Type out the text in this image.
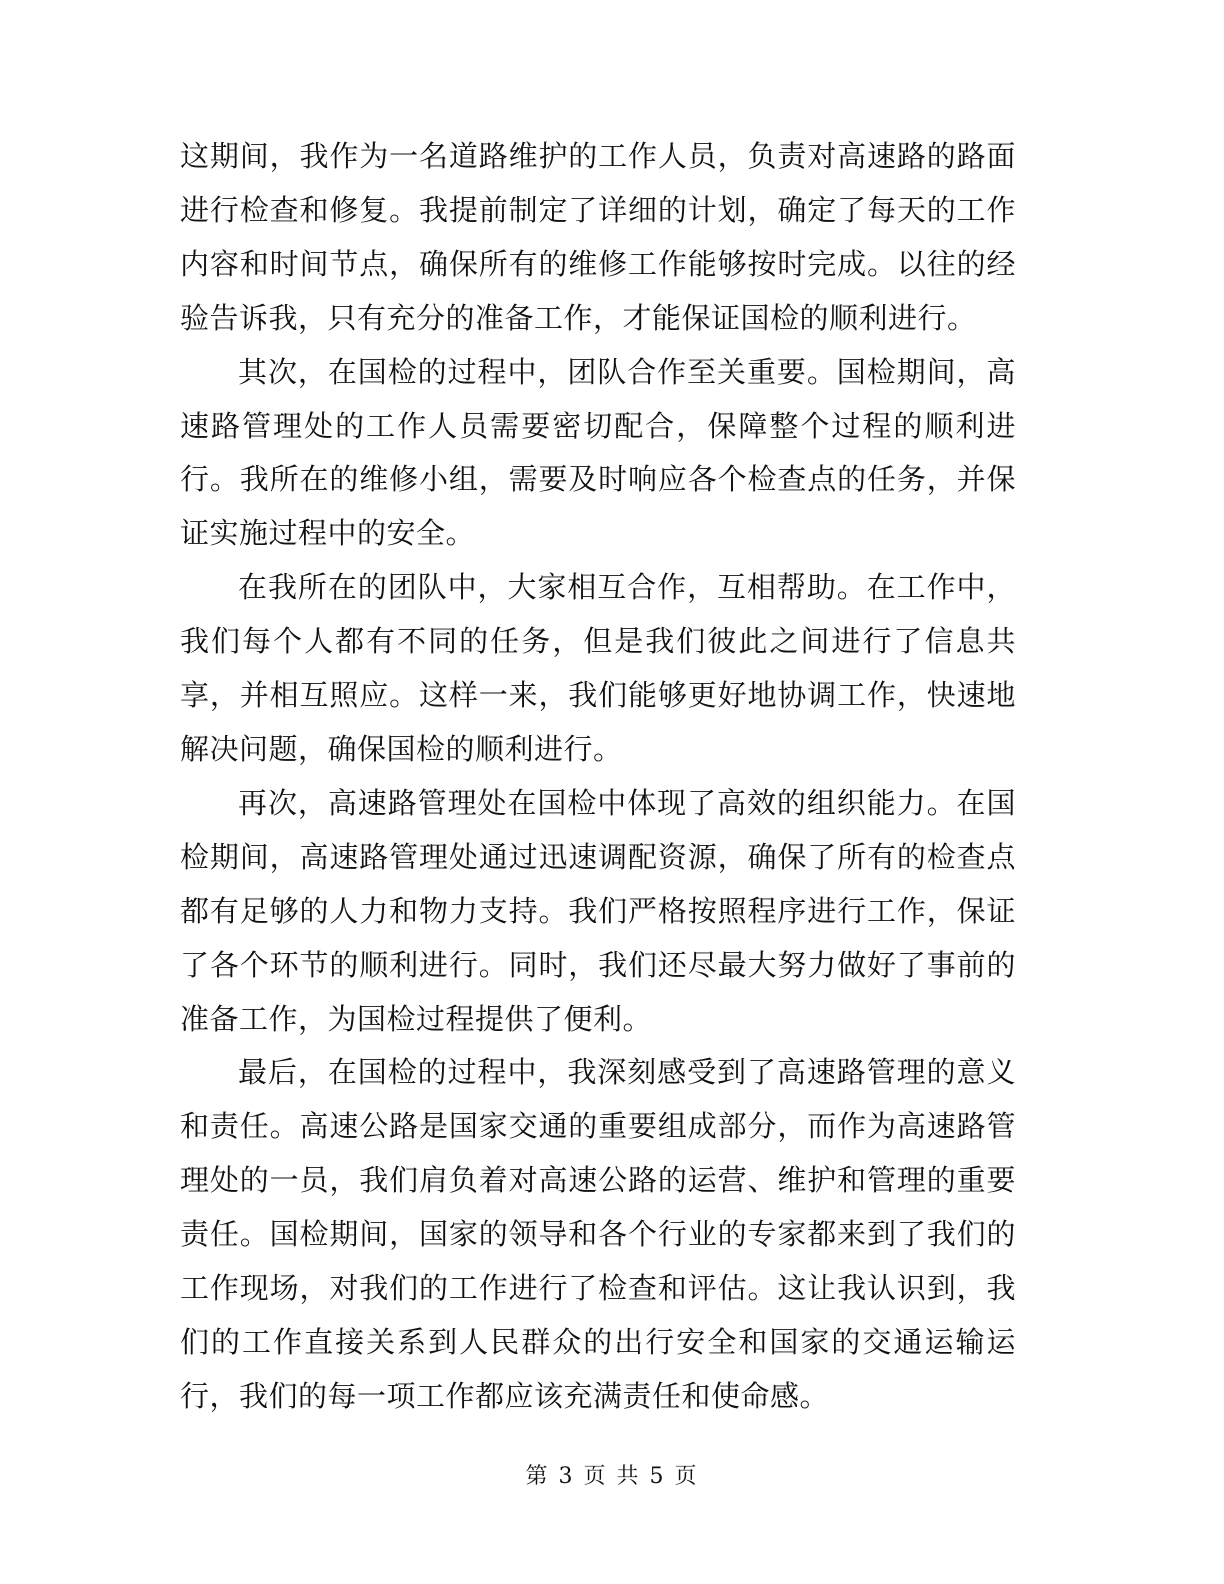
这期间，我作为一名道路维护的工作人员，负责对高速路的路面进行检查和修复。我提前制定了详细的计划，确定了每天的工作内容和时间节点，确保所有的维修工作能够按时完成。以往的经验告诉我，只有充分的准备工作，才能保证国检的顺利进行。

其次，在国检的过程中，团队合作至关重要。国检期间，高速路管理处的工作人员需要密切配合，保障整个过程的顺利进行。我所在的维修小组，需要及时响应各个检查点的任务，并保证实施过程中的安全。

在我所在的团队中，大家相互合作，互相帮助。在工作中，我们每个人都有不同的任务，但是我们彼此之间进行了信息共享，并相互照应。这样一来，我们能够更好地协调工作，快速地解决问题，确保国检的顺利进行。

再次，高速路管理处在国检中体现了高效的组织能力。在国检期间，高速路管理处通过迅速调配资源，确保了所有的检查点都有足够的人力和物力支持。我们严格按照程序进行工作，保证了各个环节的顺利进行。同时，我们还尽最大努力做好了事前的准备工作，为国检过程提供了便利。

最后，在国检的过程中，我深刻感受到了高速路管理的意义和责任。高速公路是国家交通的重要组成部分，而作为高速路管理处的一员，我们肩负着对高速公路的运营、维护和管理的重要责任。国检期间，国家的领导和各个行业的专家都来到了我们的工作现场，对我们的工作进行了检查和评估。这让我认识到，我们的工作直接关系到人民群众的出行安全和国家的交通运输运行，我们的每一项工作都应该充满责任和使命感。

第 3 页 共 5 页
